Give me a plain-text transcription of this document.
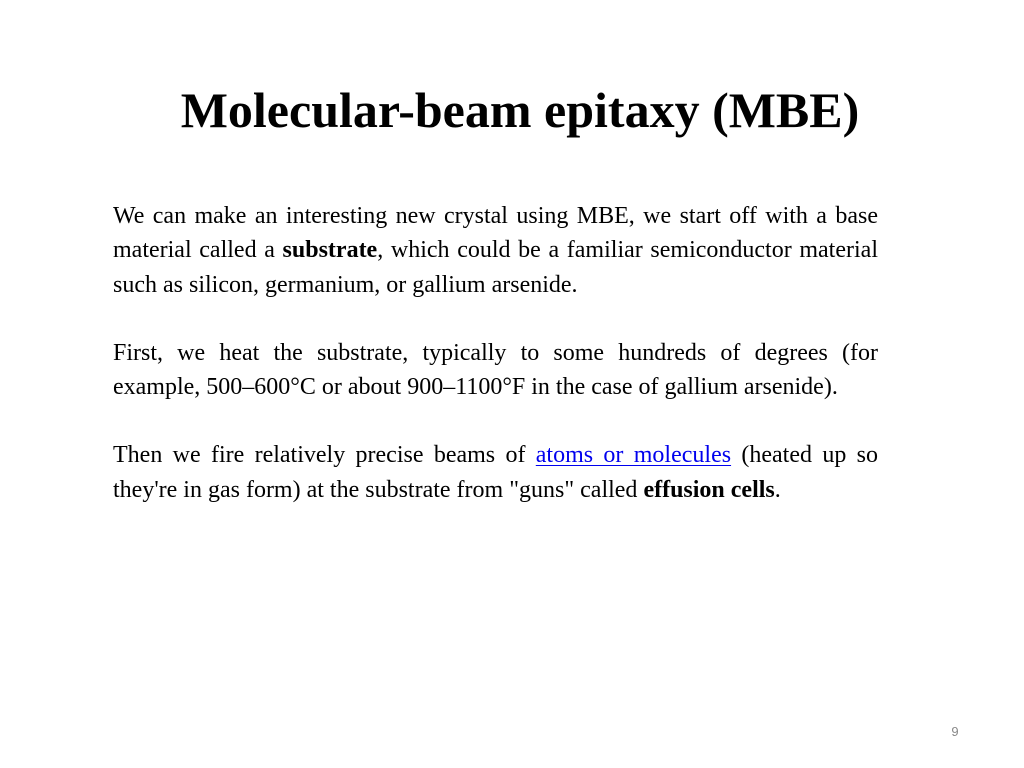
Molecular-beam epitaxy (MBE)

We can make an interesting new crystal using MBE, we start off with a base material called a substrate, which could be a familiar semiconductor material such as silicon, germanium, or gallium arsenide.

First, we heat the substrate, typically to some hundreds of degrees (for example, 500–600°C or about 900–1100°F in the case of gallium arsenide).

Then we fire relatively precise beams of atoms or molecules (heated up so they're in gas form) at the substrate from "guns" called effusion cells.

9
